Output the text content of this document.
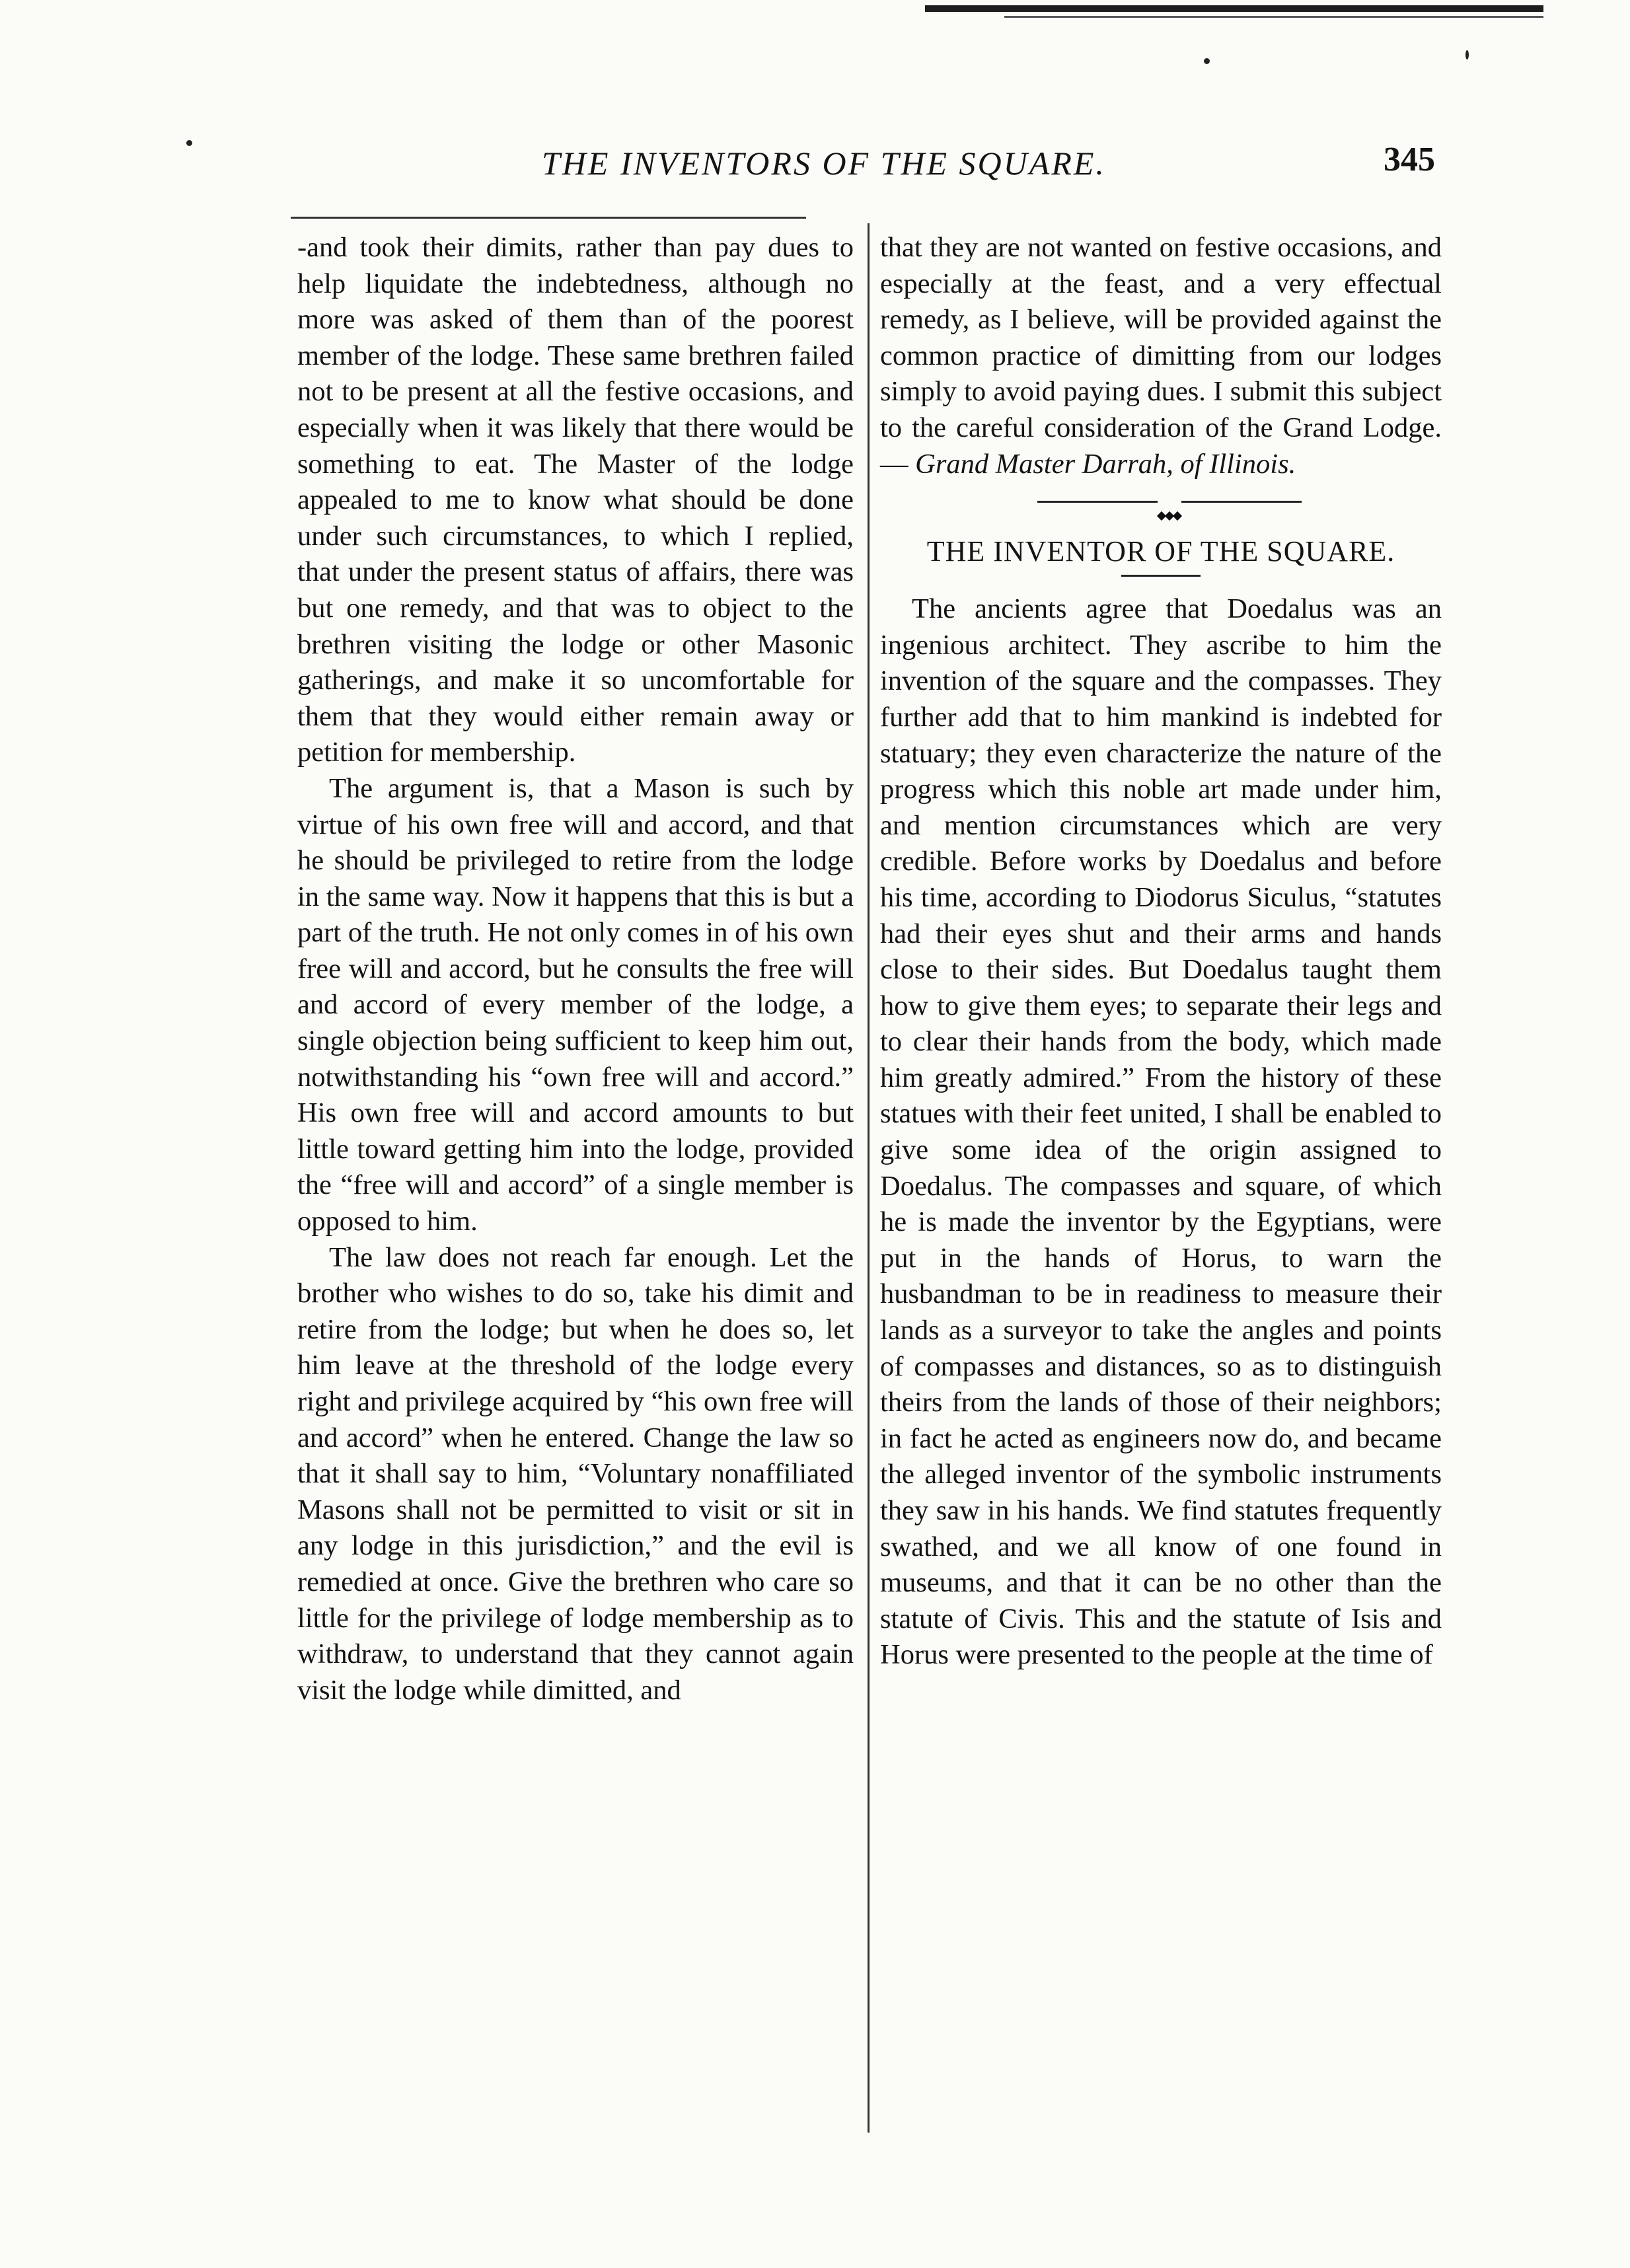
THE INVENTORS OF THE SQUARE.	345

-and took their dimits, rather than pay dues to help liquidate the indebtedness, although no more was asked of them than of the poorest member of the lodge. These same brethren failed not to be present at all the festive occasions, and especially when it was likely that there would be something to eat. The Master of the lodge appealed to me to know what should be done under such circumstances, to which I replied, that under the present status of affairs, there was but one remedy, and that was to object to the brethren visiting the lodge or other Masonic gatherings, and make it so uncomfortable for them that they would either remain away or petition for membership.

The argument is, that a Mason is such by virtue of his own free will and accord, and that he should be privileged to retire from the lodge in the same way. Now it happens that this is but a part of the truth. He not only comes in of his own free will and accord, but he consults the free will and accord of every member of the lodge, a single objection being sufficient to keep him out, notwithstanding his “own free will and accord.” His own free will and accord amounts to but little toward getting him into the lodge, provided the “free will and accord” of a single member is opposed to him.

The law does not reach far enough. Let the brother who wishes to do so, take his dimit and retire from the lodge; but when he does so, let him leave at the threshold of the lodge every right and privilege acquired by “his own free will and accord” when he entered. Change the law so that it shall say to him, “Voluntary nonaffiliated Masons shall not be permitted to visit or sit in any lodge in this jurisdiction,” and the evil is remedied at once. Give the brethren who care so little for the privilege of lodge membership as to withdraw, to understand that they cannot again visit the lodge while dimitted, and

that they are not wanted on festive occasions, and especially at the feast, and a very effectual remedy, as I believe, will be provided against the common practice of dimitting from our lodges simply to avoid paying dues. I submit this subject to the careful consideration of the Grand Lodge. — Grand Master Darrah, of Illinois.

THE INVENTOR OF THE SQUARE.

The ancients agree that Doedalus was an ingenious architect. They ascribe to him the invention of the square and the compasses. They further add that to him mankind is indebted for statuary; they even characterize the nature of the progress which this noble art made under him, and mention circumstances which are very credible. Before works by Doedalus and before his time, according to Diodorus Siculus, “statutes had their eyes shut and their arms and hands close to their sides. But Doedalus taught them how to give them eyes; to separate their legs and to clear their hands from the body, which made him greatly admired.” From the history of these statues with their feet united, I shall be enabled to give some idea of the origin assigned to Doedalus. The compasses and square, of which he is made the inventor by the Egyptians, were put in the hands of Horus, to warn the husbandman to be in readiness to measure their lands as a surveyor to take the angles and points of compasses and distances, so as to distinguish theirs from the lands of those of their neighbors; in fact he acted as engineers now do, and became the alleged inventor of the symbolic instruments they saw in his hands. We find statutes frequently swathed, and we all know of one found in museums, and that it can be no other than the statute of Civis. This and the statute of Isis and Horus were presented to the people at the time of
